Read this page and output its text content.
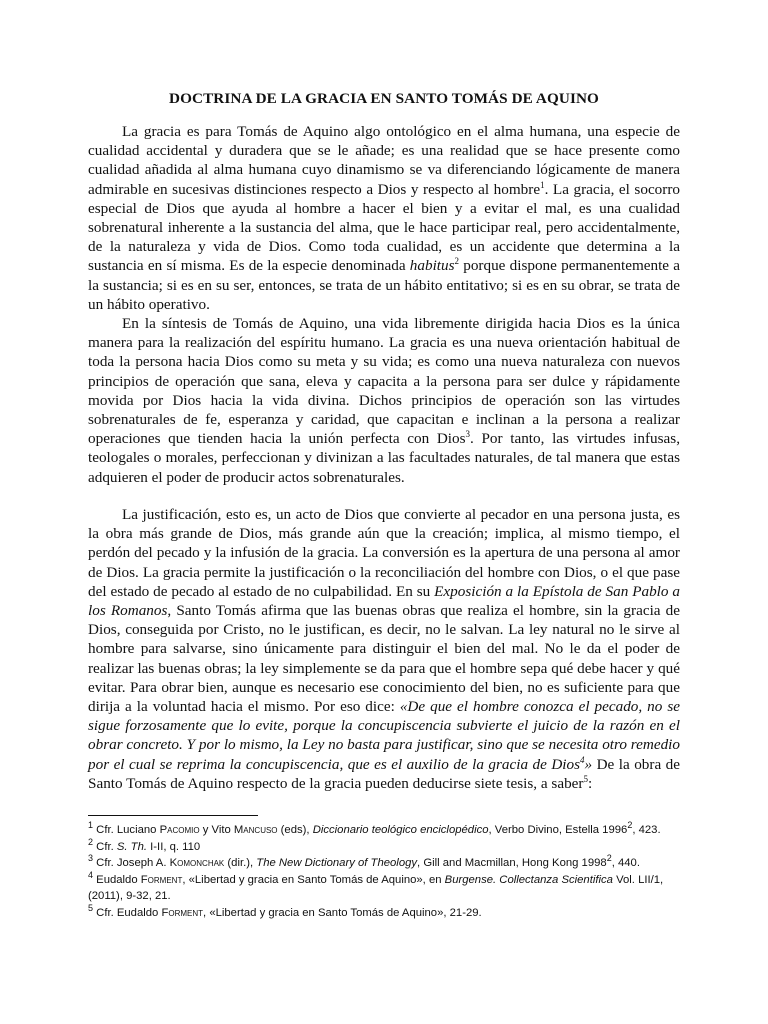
DOCTRINA DE LA GRACIA EN SANTO TOMÁS DE AQUINO

La gracia es para Tomás de Aquino algo ontológico en el alma humana, una especie de cualidad accidental y duradera que se le añade; es una realidad que se hace presente como cualidad añadida al alma humana cuyo dinamismo se va diferenciando lógicamente de manera admirable en sucesivas distinciones respecto a Dios y respecto al hombre$^1$. La gracia, el socorro especial de Dios que ayuda al hombre a hacer el bien y a evitar el mal, es una cualidad sobrenatural inherente a la sustancia del alma, que le hace participar real, pero accidentalmente, de la naturaleza y vida de Dios. Como toda cualidad, es un accidente que determina a la sustancia en sí misma. Es de la especie denominada habitus$^2$ porque dispone permanentemente a la sustancia; si es en su ser, entonces, se trata de un hábito entitativo; si es en su obrar, se trata de un hábito operativo.

En la síntesis de Tomás de Aquino, una vida libremente dirigida hacia Dios es la única manera para la realización del espíritu humano. La gracia es una nueva orientación habitual de toda la persona hacia Dios como su meta y su vida; es como una nueva naturaleza con nuevos principios de operación que sana, eleva y capacita a la persona para ser dulce y rápidamente movida por Dios hacia la vida divina. Dichos principios de operación son las virtudes sobrenaturales de fe, esperanza y caridad, que capacitan e inclinan a la persona a realizar operaciones que tienden hacia la unión perfecta con Dios$^3$. Por tanto, las virtudes infusas, teologales o morales, perfeccionan y divinizan a las facultades naturales, de tal manera que estas adquieren el poder de producir actos sobrenaturales.

La justificación, esto es, un acto de Dios que convierte al pecador en una persona justa, es la obra más grande de Dios, más grande aún que la creación; implica, al mismo tiempo, el perdón del pecado y la infusión de la gracia. La conversión es la apertura de una persona al amor de Dios. La gracia permite la justificación o la reconciliación del hombre con Dios, o el que pase del estado de pecado al estado de no culpabilidad. En su Exposición a la Epístola de San Pablo a los Romanos, Santo Tomás afirma que las buenas obras que realiza el hombre, sin la gracia de Dios, conseguida por Cristo, no le justifican, es decir, no le salvan. La ley natural no le sirve al hombre para salvarse, sino únicamente para distinguir el bien del mal. No le da el poder de realizar las buenas obras; la ley simplemente se da para que el hombre sepa qué debe hacer y qué evitar. Para obrar bien, aunque es necesario ese conocimiento del bien, no es suficiente para que dirija a la voluntad hacia el mismo. Por eso dice: «De que el hombre conozca el pecado, no se sigue forzosamente que lo evite, porque la concupiscencia subvierte el juicio de la razón en el obrar concreto. Y por lo mismo, la Ley no basta para justificar, sino que se necesita otro remedio por el cual se reprima la concupiscencia, que es el auxilio de la gracia de Dios$^4$» De la obra de Santo Tomás de Aquino respecto de la gracia pueden deducirse siete tesis, a saber$^5$:

$^1$ Cfr. Luciano Pacomio y Vito Mancuso (eds), Diccionario teológico enciclopédico, Verbo Divino, Estella 1996$^2$, 423.
$^2$ Cfr. S. Th. I-II, q. 110
$^3$ Cfr. Joseph A. Komonchak (dir.), The New Dictionary of Theology, Gill and Macmillan, Hong Kong 1998$^2$, 440.
$^4$ Eudaldo Forment, «Libertad y gracia en Santo Tomás de Aquino», en Burgense. Collectanza Scientifica Vol. LII/1, (2011), 9-32, 21.
$^5$ Cfr. Eudaldo Forment, «Libertad y gracia en Santo Tomás de Aquino», 21-29.
